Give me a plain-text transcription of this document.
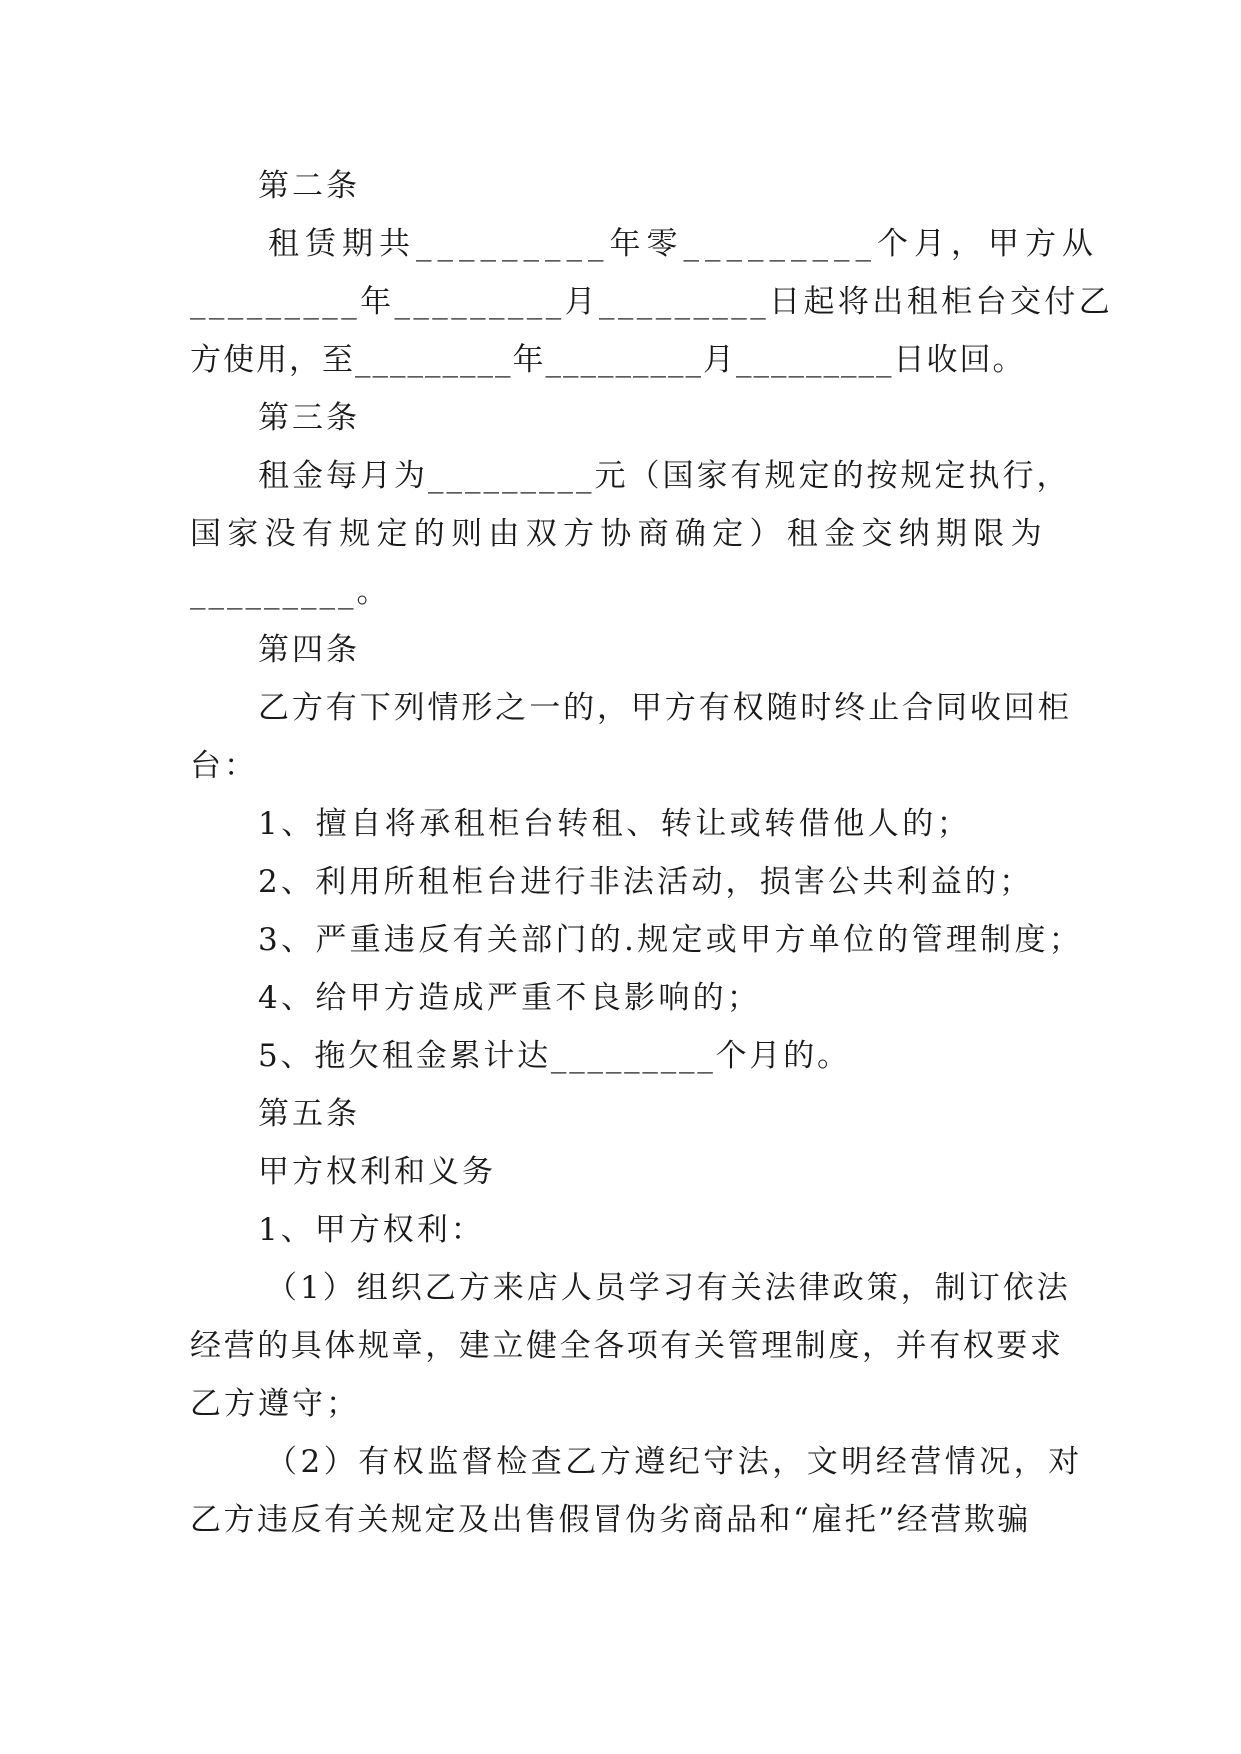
第二条
租赁期共_________年零_________个月，甲方从
_________年_________月_________日起将出租柜台交付乙
方使用，至_________年_________月_________日收回。
第三条
租金每月为_________元（国家有规定的按规定执行，
国家没有规定的则由双方协商确定）租金交纳期限为
_________。
第四条
乙方有下列情形之一的，甲方有权随时终止合同收回柜
台：
1、擅自将承租柜台转租、转让或转借他人的；
2、利用所租柜台进行非法活动，损害公共利益的；
3、严重违反有关部门的.规定或甲方单位的管理制度；
4、给甲方造成严重不良影响的；
5、拖欠租金累计达_________个月的。
第五条
甲方权利和义务
1、甲方权利：
（1）组织乙方来店人员学习有关法律政策，制订依法
经营的具体规章，建立健全各项有关管理制度，并有权要求
乙方遵守；
（2）有权监督检查乙方遵纪守法，文明经营情况，对
乙方违反有关规定及出售假冒伪劣商品和“雇托”经营欺骗
